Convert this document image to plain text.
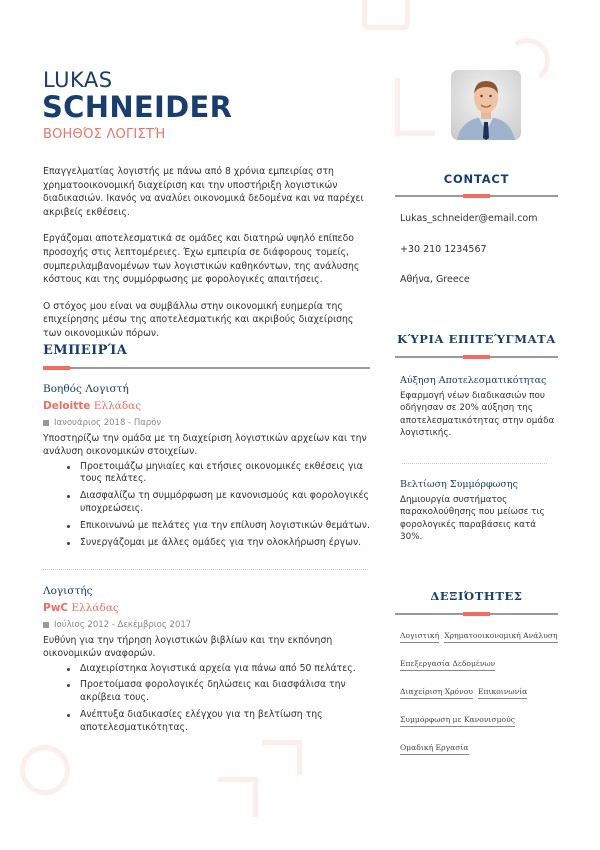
LUKAS
SCHNEIDER
ΒΟΗΘΌΣ ΛΟΓΙΣΤΉ

Επαγγελματίας λογιστής με πάνω από 8 χρόνια εμπειρίας στη χρηματοοικονομική διαχείριση και την υποστήριξη λογιστικών διαδικασιών. Ικανός να αναλύει οικονομικά δεδομένα και να παρέχει ακριβείς εκθέσεις.

Εργάζομαι αποτελεσματικά σε ομάδες και διατηρώ υψηλό επίπεδο προσοχής στις λεπτομέρειες. Έχω εμπειρία σε διάφορους τομείς, συμπεριλαμβανομένων των λογιστικών καθηκόντων, της ανάλυσης κόστους και της συμμόρφωσης με φορολογικές απαιτήσεις.

Ο στόχος μου είναι να συμβάλλω στην οικονομική ευημερία της επιχείρησης μέσω της αποτελεσματικής και ακριβούς διαχείρισης των οικονομικών πόρων.

ΕΜΠΕΙΡΊΑ
Βοηθός Λογιστή
Deloitte Ελλάδας
Ιανουάριος 2018 - Παρόν
Υποστηρίζω την ομάδα με τη διαχείριση λογιστικών αρχείων και την ανάλυση οικονομικών στοιχείων.
Προετοιμάζω μηνιαίες και ετήσιες οικονομικές εκθέσεις για τους πελάτες.
Διασφαλίζω τη συμμόρφωση με κανονισμούς και φορολογικές υποχρεώσεις.
Επικοινωνώ με πελάτες για την επίλυση λογιστικών θεμάτων.
Συνεργάζομαι με άλλες ομάδες για την ολοκλήρωση έργων.
Λογιστής
PwC Ελλάδας
Ιούλιος 2012 - Δεκέμβριος 2017
Ευθύνη για την τήρηση λογιστικών βιβλίων και την εκπόνηση οικονομικών αναφορών.
Διαχειρίστηκα λογιστικά αρχεία για πάνω από 50 πελάτες.
Προετοίμασα φορολογικές δηλώσεις και διασφάλισα την ακρίβεια τους.
Ανέπτυξα διαδικασίες ελέγχου για τη βελτίωση της αποτελεσματικότητας.
CONTACT
Lukas_schneider@email.com
+30 210 1234567
Αθήνα, Greece
ΚΎΡΙΑ ΕΠΙΤΕΎΓΜΑΤΑ
Αύξηση Αποτελεσματικότητας
Εφαρμογή νέων διαδικασιών που οδήγησαν σε 20% αύξηση της αποτελεσματικότητας στην ομάδα λογιστικής.
Βελτίωση Συμμόρφωσης
Δημιουργία συστήματος παρακολούθησης που μείωσε τις φορολογικές παραβάσεις κατά 30%.
ΔΕΞΙΌΤΗΤΕΣ
Λογιστική Χρηματοοικονομική Ανάλυση
Επεξεργασία Δεδομένων
Διαχείριση Χρόνου Επικοινωνία
Συμμόρφωση με Κανονισμούς
Ομαδική Εργασία
